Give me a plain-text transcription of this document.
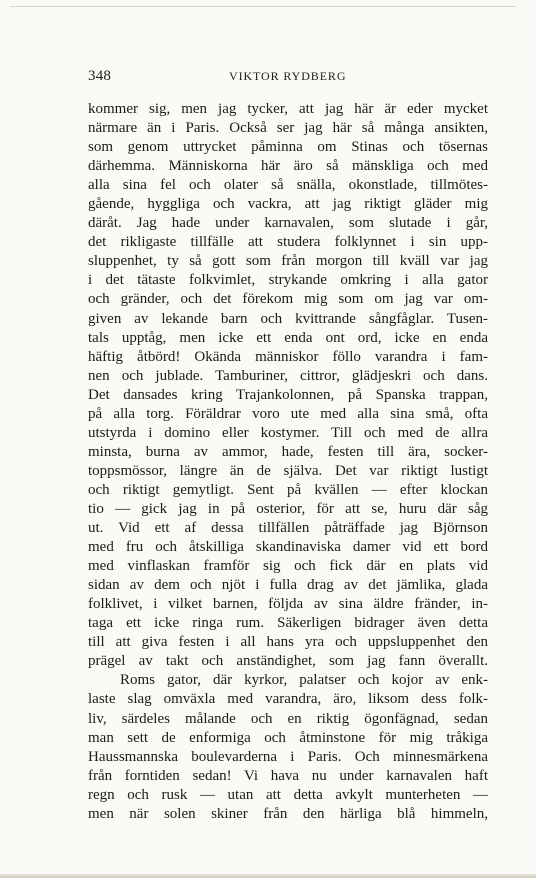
348	VIKTOR RYDBERG
kommer sig, men jag tycker, att jag här är eder mycket
närmare än i Paris. Också ser jag här så många ansikten,
som genom uttrycket påminna om Stinas och tösernas
därhemma. Människorna här äro så mänskliga och med
alla sina fel och olater så snälla, okonstlade, tillmötes-
gående, hyggliga och vackra, att jag riktigt gläder mig
däråt. Jag hade under karnavalen, som slutade i går,
det rikligaste tillfälle att studera folklynnet i sin upp-
sluppenhet, ty så gott som från morgon till kväll var jag
i det tätaste folkvimlet, strykande omkring i alla gator
och gränder, och det förekom mig som om jag var om-
given av lekande barn och kvittrande sångfåglar. Tusen-
tals upptåg, men icke ett enda ont ord, icke en enda
häftig åtbörd! Okända människor föllo varandra i fam-
nen och jublade. Tamburiner, cittror, glädjeskri och dans.
Det dansades kring Trajankolonnen, på Spanska trappan,
på alla torg. Föräldrar voro ute med alla sina små, ofta
utstyrda i domino eller kostymer. Till och med de allra
minsta, burna av ammor, hade, festen till ära, socker-
toppsmössor, längre än de själva. Det var riktigt lustigt
och riktigt gemytligt. Sent på kvällen — efter klockan
tio — gick jag in på osterior, för att se, huru där såg
ut. Vid ett af dessa tillfällen påträffade jag Björnson
med fru och åtskilliga skandinaviska damer vid ett bord
med vinflaskan framför sig och fick där en plats vid
sidan av dem och njöt i fulla drag av det jämlika, glada
folklivet, i vilket barnen, följda av sina äldre fränder, in-
taga ett icke ringa rum. Säkerligen bidrager även detta
till att giva festen i all hans yra och uppsluppenhet den
prägel av takt och anständighet, som jag fann överallt.
Roms gator, där kyrkor, palatser och kojor av enk-
laste slag omväxla med varandra, äro, liksom dess folk-
liv, särdeles målande och en riktig ögonfägnad, sedan
man sett de enformiga och åtminstone för mig tråkiga
Haussmannska boulevarderna i Paris. Och minnesmärkena
från forntiden sedan! Vi hava nu under karnavalen haft
regn och rusk — utan att detta avkylt munterheten —
men när solen skiner från den härliga blå himmeln,
